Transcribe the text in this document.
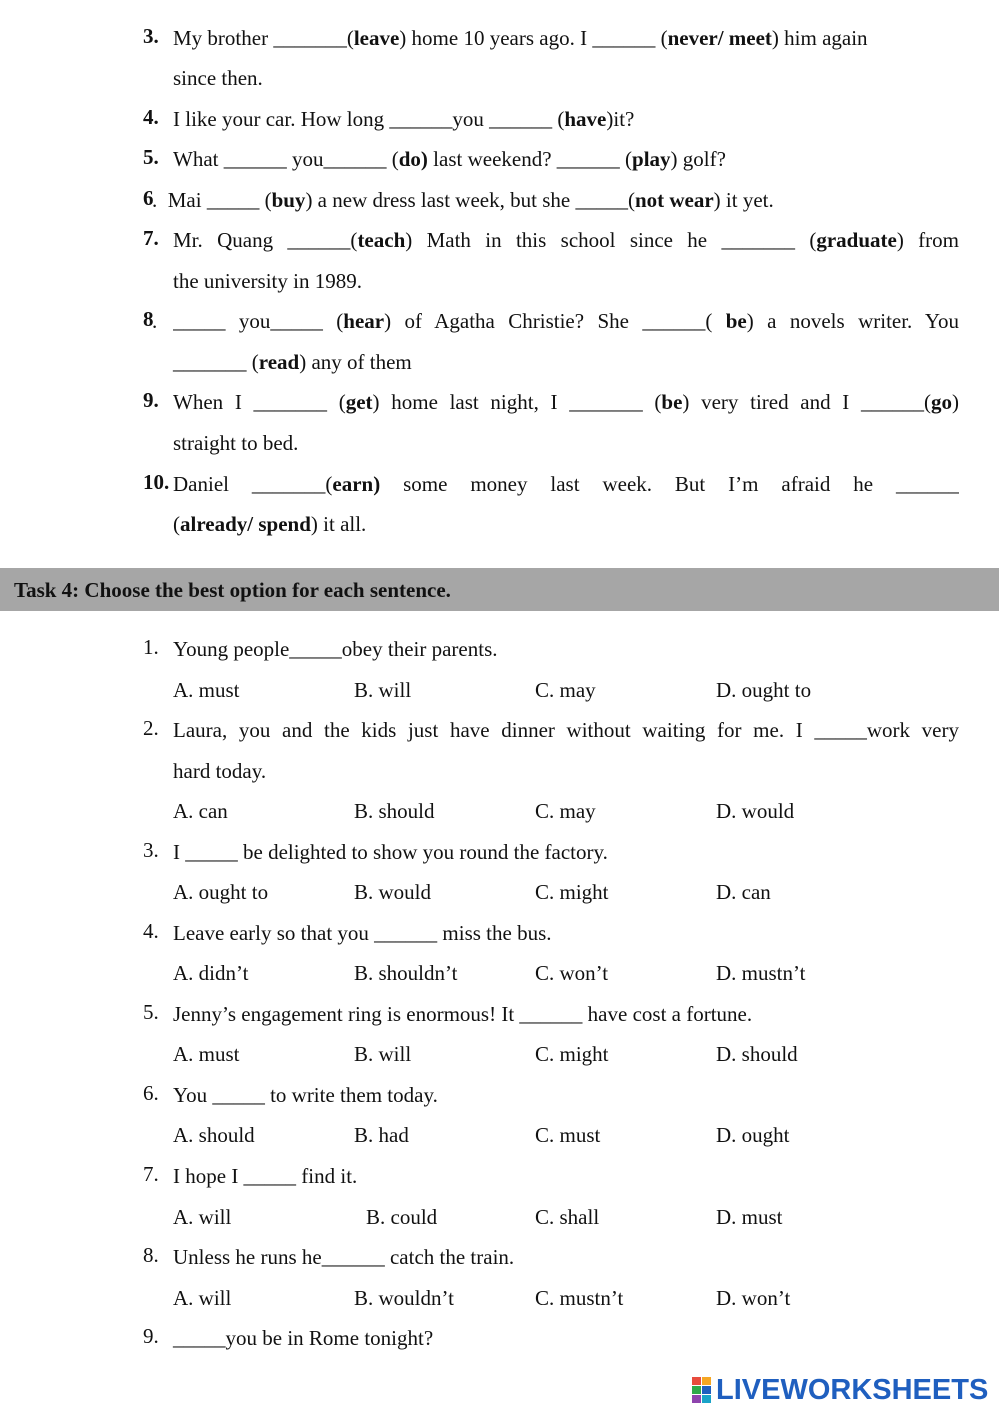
3. My brother _______(leave) home 10 years ago. I ______ (never/ meet) him again
since then.
4. I like your car. How long ______you ______ (have)it?
5. What ______ you______ (do) last weekend? ______ (play) golf?
6
.  Mai _____ (buy) a new dress last week, but she _____(not wear) it yet.
7. Mr. Quang ______(teach) Math in this school since he _______ (graduate) from
the university in 1989.
8
. _____ you_____ (hear) of Agatha Christie? She ______( be) a novels writer. You
_______ (read) any of them
9. When I _______ (get) home last night, I _______ (be) very tired and I ______(go)
straight to bed.
10. Daniel _______(earn) some money last week. But I’m afraid he ______
(already/ spend) it all.
Task 4: Choose the best option for each sentence.
1. Young people_____obey their parents.
A. must	B. will	C. may	D. ought to
2. Laura, you and the kids just have dinner without waiting for me. I _____work very
hard today.
A. can	B. should	C. may	D. would
3. I _____ be delighted to show you round the factory.
A. ought to	B. would	C. might	D. can
4. Leave early so that you ______ miss the bus.
A. didn’t	B. shouldn’t	C. won’t	D. mustn’t
5. Jenny’s engagement ring is enormous! It ______ have cost a fortune.
A. must	B. will	C. might	D. should
6. You _____ to write them today.
A. should	B. had	C. must	D. ought
7. I hope I _____ find it.
A. will	B. could	C. shall	D. must
8. Unless he runs he______ catch the train.
A. will	B. wouldn’t	C. mustn’t	D. won’t
9. _____you be in Rome tonight?
LIVEWORKSHEETS
